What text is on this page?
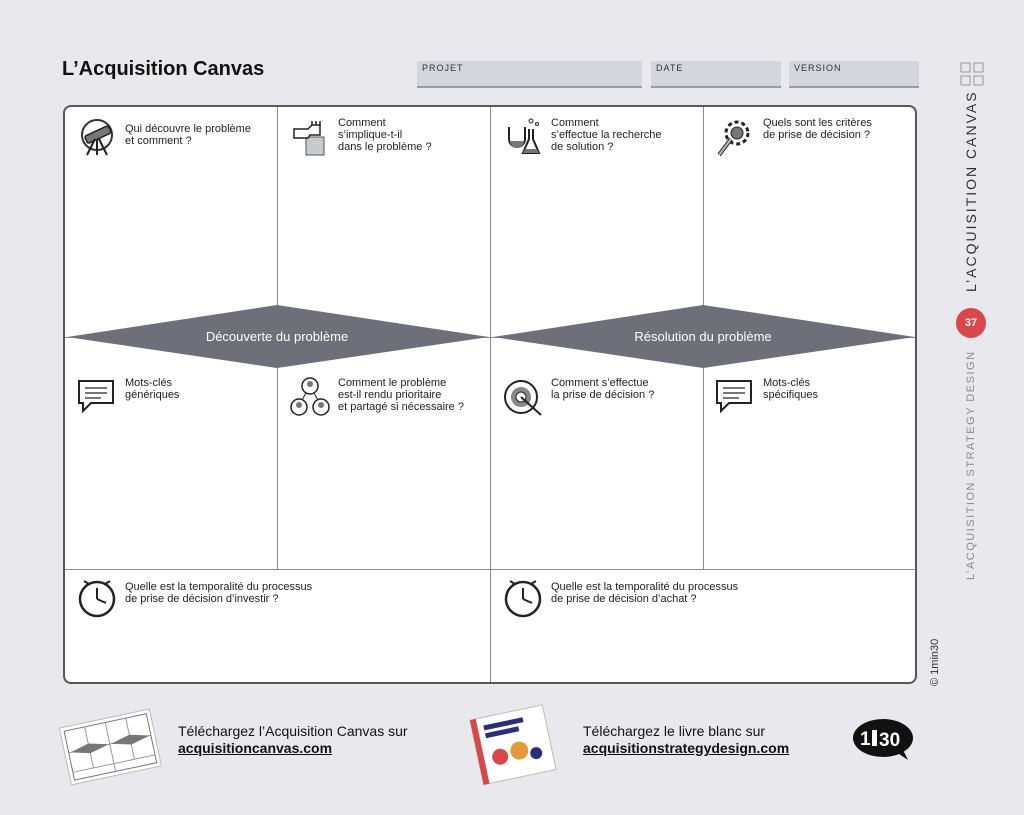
L’Acquisition Canvas	PROJET	DATE	VERSION
Qui découvre le problème
et comment ?
Comment
s’implique-t-il
dans le problème ?
Comment
s’effectue la recherche
de solution ?
Quels sont les critères
de prise de décision ?
Découverte du problème	Résolution du problème
Mots-clés
génériques
Comment le problème
est-il rendu prioritaire
et partagé si nécessaire ?
Comment s’effectue
la prise de décision ?
Mots-clés
spécifiques
Quelle est la temporalité du processus
de prise de décision d’investir ?
Quelle est la temporalité du processus
de prise de décision d’achat ?
L’ACQUISITION CANVAS
37
L’ACQUISITION STRATEGY DESIGN
© 1min30
Téléchargez l’Acquisition Canvas sur
acquisitioncanvas.com
Téléchargez le livre blanc sur
acquisitionstrategydesign.com	1 30
